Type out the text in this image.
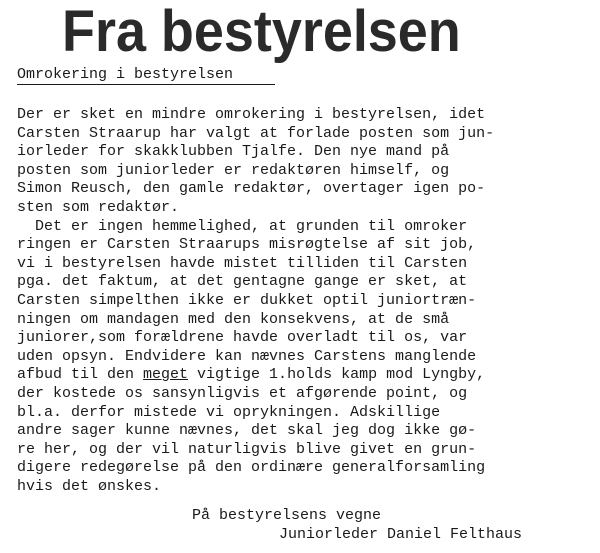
Fra bestyrelsen
Omrokering i bestyrelsen
Der er sket en mindre omrokering i bestyrelsen, idet
Carsten Straarup har valgt at forlade posten som jun-
iorleder for skakklubben Tjalfe. Den nye mand på
posten som juniorleder er redaktøren himself, og
Simon Reusch, den gamle redaktør, overtager igen po-
sten som redaktør.
Det er ingen hemmelighed, at grunden til omroker
ringen er Carsten Straarups misrøgtelse af sit job,
vi i bestyrelsen havde mistet tilliden til Carsten
pga. det faktum, at det gentagne gange er sket, at
Carsten simpelthen ikke er dukket optil juniortræn-
ningen om mandagen med den konsekvens, at de små
juniorer,som forældrene havde overladt til os, var
uden opsyn. Endvidere kan nævnes Carstens manglende
afbud til den meget vigtige 1.holds kamp mod Lyngby,
der kostede os sansynligvis et afgørende point, og
bl.a. derfor mistede vi oprykningen. Adskillige
andre sager kunne nævnes, det skal jeg dog ikke gø-
re her, og der vil naturligvis blive givet en grun-
digere redegørelse på den ordinære generalforsamling
hvis det ønskes.
På bestyrelsens vegne
Juniorleder Daniel Felthaus
